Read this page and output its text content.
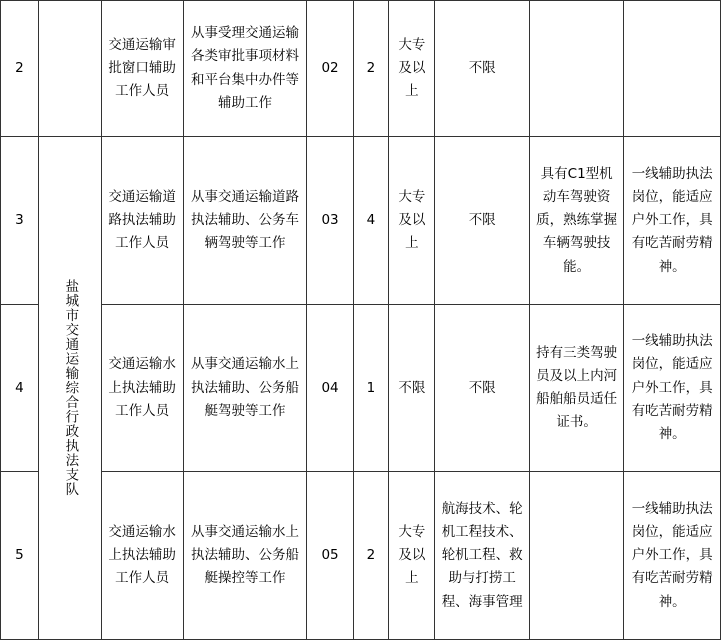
2		交通运输审批窗口辅助工作人员	从事受理交通运输各类审批事项材料和平台集中办件等辅助工作	02	2	大专及以上	不限		
3	盐城市交通运输综合行政执法支队	交通运输道路执法辅助工作人员	从事交通运输道路执法辅助、公务车辆驾驶等工作	03	4	大专及以上	不限	具有C1型机动车驾驶资质，熟练掌握车辆驾驶技能。	一线辅助执法岗位，能适应户外工作，具有吃苦耐劳精神。
4		交通运输水上执法辅助工作人员	从事交通运输水上执法辅助、公务船艇驾驶等工作	04	1	不限	不限	持有三类驾驶员及以上内河船舶船员适任证书。	一线辅助执法岗位，能适应户外工作，具有吃苦耐劳精神。
5		交通运输水上执法辅助工作人员	从事交通运输水上执法辅助、公务船艇操控等工作	05	2	大专及以上	航海技术、轮机工程技术、轮机工程、救助与打捞工程、海事管理		一线辅助执法岗位，能适应户外工作，具有吃苦耐劳精神。
